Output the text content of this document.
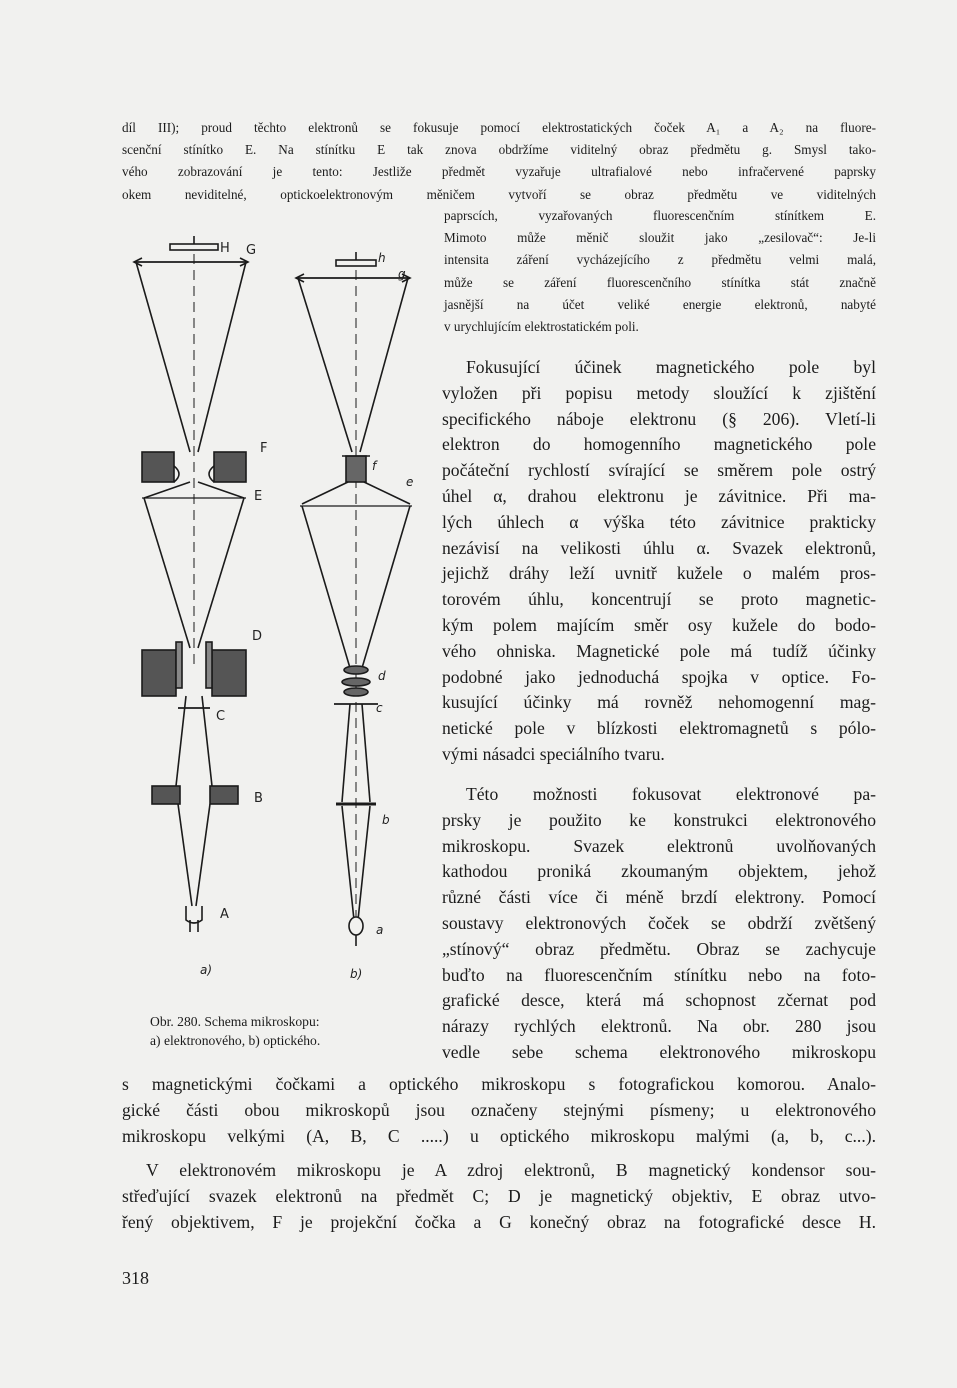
díl III); proud těchto elektronů se fokusuje pomocí elektrostatických čoček A₁ a A₂ na fluore-
scenční stínítko E. Na stínítku E tak znova obdržíme viditelný obraz předmětu g. Smysl tako-
vého zobrazování je tento: Jestliže předmět vyzařuje ultrafialové nebo infračervené paprsky
okem neviditelné, optickoelektronovým měničem vytvoří se obraz předmětu ve viditelných
paprscích, vyzařovaných fluorescenčním stínítkem E.
Mimoto může měnič sloužit jako „zesilovač“: Je-li
intensita záření vycházejícího z předmětu velmi malá,
může se záření fluorescenčního stínítka stát značně
jasnější na účet veliké energie elektronů, nabyté
v urychlujícím elektrostatickém poli.
Fokusující účinek magnetického pole byl
vyložen při popisu metody sloužící k zjištění
specifického náboje elektronu (§ 206). Vletí-li
elektron do homogenního magnetického pole
počáteční rychlostí svírající se směrem pole ostrý
úhel α, drahou elektronu je závitnice. Při ma-
lých úhlech α výška této závitnice prakticky
nezávisí na velikosti úhlu α. Svazek elektronů,
jejichž dráhy leží uvnitř kužele o malém pros-
torovém úhlu, koncentrují se proto magnetic-
kým polem majícím směr osy kužele do bodo-
vého ohniska. Magnetické pole má tudíž účinky
podobné jako jednoduchá spojka v optice. Fo-
kusující účinky má rovněž nehomogenní mag-
netické pole v blízkosti elektromagnetů s pólo-
vými násadci speciálního tvaru.
Této možnosti fokusovat elektronové pa-
prsky je použito ke konstrukci elektronového
mikroskopu. Svazek elektronů uvolňovaných
kathodou proniká zkoumaným objektem, jehož
různé části více či méně brzdí elektrony. Pomocí
soustavy elektronových čoček se obdrží zvětšený
„stínový“ obraz předmětu. Obraz se zachycuje
buďto na fluorescenčním stínítku nebo na foto-
grafické desce, která má schopnost zčernat pod
nárazy rychlých elektronů. Na obr. 280 jsou
vedle sebe schema elektronového mikroskopu
s magnetickými čočkami a optického mikroskopu s fotografickou komorou. Analo-
gické části obou mikroskopů jsou označeny stejnými písmeny; u elektronového
mikroskopu velkými (A, B, C .....) u optického mikroskopu malými (a, b, c...).
V elektronovém mikroskopu je A zdroj elektronů, B magnetický kondensor sou-
střeďující svazek elektronů na předmět C; D je magnetický objektiv, E obraz utvo-
řený objektivem, F je projekční čočka a G konečný obraz na fotografické desce H.
H G
F
E
D
C
B
A
a)
h
g
f
e
d
c
b
a
b)
Obr. 280. Schema mikroskopu:
a) elektronového, b) optického.
318
